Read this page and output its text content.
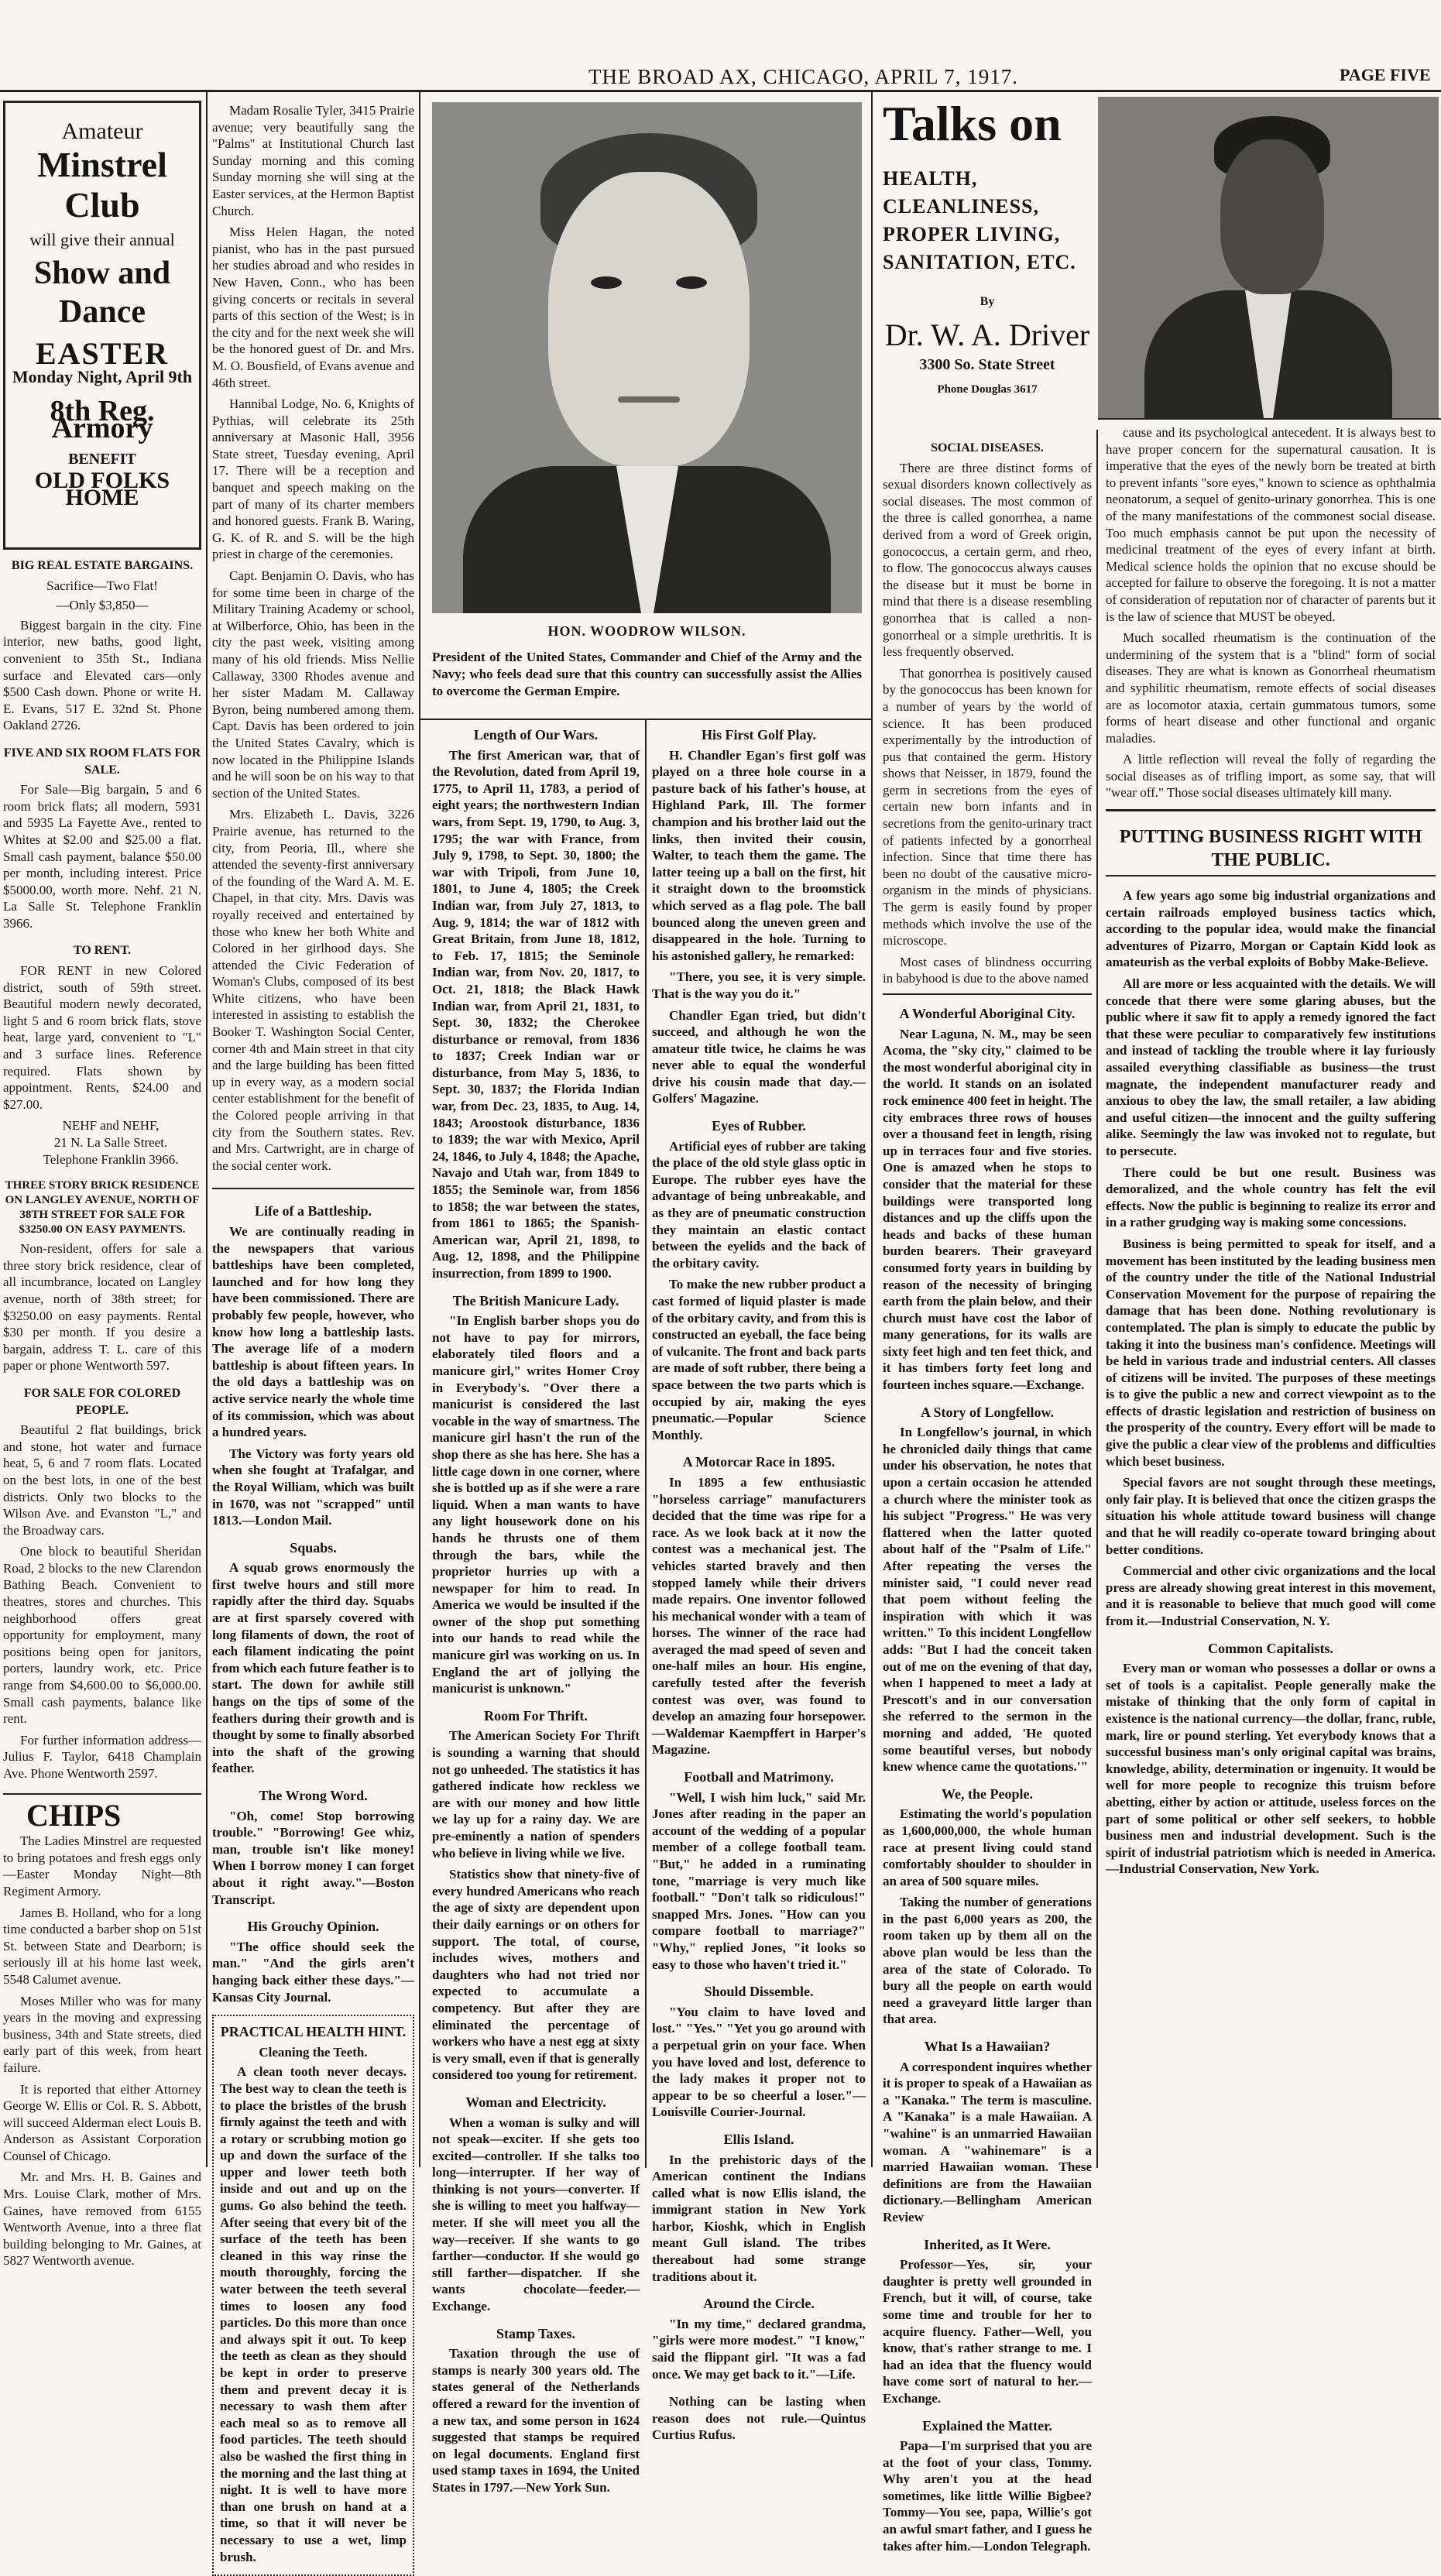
THE BROAD AX, CHICAGO, APRIL 7, 1917.	PAGE FIVE
Amateur
Minstrel Club
will give their annual
Show and Dance
EASTER
Monday Night, April 9th
8th Reg. Armory
BENEFIT
OLD FOLKS HOME
BIG REAL ESTATE BARGAINS.
Sacrifice—Two Flat!
—Only $3,850—

Biggest bargain in the city. Fine interior, new baths, good light, convenient to 35th St., Indiana surface and Elevated cars—only $500 Cash down. Phone or write H. E. Evans, 517 E. 32nd St. Phone Oakland 2726.

FIVE AND SIX ROOM FLATS FOR SALE.

For Sale—Big bargain, 5 and 6 room brick flats; all modern, 5931 and 5935 La Fayette Ave., rented to Whites at $2.00 and $25.00 a flat. Small cash payment, balance $50.00 per month, including interest. Price $5000.00, worth more. Nehf. 21 N. La Salle St. Telephone Franklin 3966.

TO RENT.

FOR RENT in new Colored district, south of 59th street. Beautiful modern newly decorated, light 5 and 6 room brick flats, stove heat, large yard, convenient to "L" and 3 surface lines. Reference required. Flats shown by appointment. Rents, $24.00 and $27.00.

NEHF and NEHF,

21 N. La Salle Street.

Telephone Franklin 3966.

THREE STORY BRICK RESIDENCE ON LANGLEY AVENUE, NORTH OF 38TH STREET FOR SALE FOR $3250.00 ON EASY PAYMENTS.

Non-resident, offers for sale a three story brick residence, clear of all incumbrance, located on Langley avenue, north of 38th street; for $3250.00 on easy payments. Rental $30 per month. If you desire a bargain, address T. L. care of this paper or phone Wentworth 597.

FOR SALE FOR COLORED PEOPLE.

Beautiful 2 flat buildings, brick and stone, hot water and furnace heat, 5, 6 and 7 room flats. Located on the best lots, in one of the best districts. Only two blocks to the Wilson Ave. and Evanston "L," and the Broadway cars.

One block to beautiful Sheridan Road, 2 blocks to the new Clarendon Bathing Beach. Convenient to theatres, stores and churches. This neighborhood offers great opportunity for employment, many positions being open for janitors, porters, laundry work, etc. Price range from $4,600.00 to $6,000.00. Small cash payments, balance like rent.

For further information address—Julius F. Taylor, 6418 Champlain Ave. Phone Wentworth 2597.

CHIPS

The Ladies Minstrel are requested to bring potatoes and fresh eggs only—Easter Monday Night—8th Regiment Armory.

James B. Holland, who for a long time conducted a barber shop on 51st St. between State and Dearborn; is seriously ill at his home last week, 5548 Calumet avenue.

Moses Miller who was for many years in the moving and expressing business, 34th and State streets, died early part of this week, from heart failure.

It is reported that either Attorney George W. Ellis or Col. R. S. Abbott, will succeed Alderman elect Louis B. Anderson as Assistant Corporation Counsel of Chicago.

Mr. and Mrs. H. B. Gaines and Mrs. Louise Clark, mother of Mrs. Gaines, have removed from 6155 Wentworth Avenue, into a three flat building belonging to Mr. Gaines, at 5827 Wentworth avenue.

Madam Rosalie Tyler, 3415 Prairie avenue; very beautifully sang the "Palms" at Institutional Church last Sunday morning and this coming Sunday morning she will sing at the Easter services, at the Hermon Baptist Church.

Miss Helen Hagan, the noted pianist, who has in the past pursued her studies abroad and who resides in New Haven, Conn., who has been giving concerts or recitals in several parts of this section of the West; is in the city and for the next week she will be the honored guest of Dr. and Mrs. M. O. Bousfield, of Evans avenue and 46th street.

Hannibal Lodge, No. 6, Knights of Pythias, will celebrate its 25th anniversary at Masonic Hall, 3956 State street, Tuesday evening, April 17. There will be a reception and banquet and speech making on the part of many of its charter members and honored guests. Frank B. Waring, G. K. of R. and S. will be the high priest in charge of the ceremonies.

Capt. Benjamin O. Davis, who has for some time been in charge of the Military Training Academy or school, at Wilberforce, Ohio, has been in the city the past week, visiting among many of his old friends. Miss Nellie Callaway, 3300 Rhodes avenue and her sister Madam M. Callaway Byron, being numbered among them. Capt. Davis has been ordered to join the United States Cavalry, which is now located in the Philippine Islands and he will soon be on his way to that section of the United States.

Mrs. Elizabeth L. Davis, 3226 Prairie avenue, has returned to the city, from Peoria, Ill., where she attended the seventy-first anniversary of the founding of the Ward A. M. E. Chapel, in that city. Mrs. Davis was royally received and entertained by those who knew her both White and Colored in her girlhood days. She attended the Civic Federation of Woman's Clubs, composed of its best White citizens, who have been interested in assisting to establish the Booker T. Washington Social Center, corner 4th and Main street in that city and the large building has been fitted up in every way, as a modern social center establishment for the benefit of the Colored people arriving in that city from the Southern states. Rev. and Mrs. Cartwright, are in charge of the social center work.

Life of a Battleship.

We are continually reading in the newspapers that various battleships have been completed, launched and for how long they have been commissioned. There are probably few people, however, who know how long a battleship lasts. The average life of a modern battleship is about fifteen years. In the old days a battleship was on active service nearly the whole time of its commission, which was about a hundred years.

The Victory was forty years old when she fought at Trafalgar, and the Royal William, which was built in 1670, was not "scrapped" until 1813.—London Mail.

Squabs.

A squab grows enormously the first twelve hours and still more rapidly after the third day. Squabs are at first sparsely covered with long filaments of down, the root of each filament indicating the point from which each future feather is to start. The down for awhile still hangs on the tips of some of the feathers during their growth and is thought by some to finally absorbed into the shaft of the growing feather.

The Wrong Word.

"Oh, come! Stop borrowing trouble." "Borrowing! Gee whiz, man, trouble isn't like money! When I borrow money I can forget about it right away."—Boston Transcript.

His Grouchy Opinion.

"The office should seek the man." "And the girls aren't hanging back either these days."—Kansas City Journal.

PRACTICAL HEALTH HINT.
Cleaning the Teeth.

A clean tooth never decays. The best way to clean the teeth is to place the bristles of the brush firmly against the teeth and with a rotary or scrubbing motion go up and down the surface of the upper and lower teeth both inside and out and up on the gums. Go also behind the teeth. After seeing that every bit of the surface of the teeth has been cleaned in this way rinse the mouth thoroughly, forcing the water between the teeth several times to loosen any food particles. Do this more than once and always spit it out. To keep the teeth as clean as they should be kept in order to preserve them and prevent decay it is necessary to wash them after each meal so as to remove all food particles. The teeth should also be washed the first thing in the morning and the last thing at night. It is well to have more than one brush on hand at a time, so that it will never be necessary to use a wet, limp brush.

HON. WOODROW WILSON.
President of the United States, Commander and Chief of the Army and the Navy; who feels dead sure that this country can successfully assist the Allies to overcome the German Empire.
Length of Our Wars.

The first American war, that of the Revolution, dated from April 19, 1775, to April 11, 1783, a period of eight years; the northwestern Indian wars, from Sept. 19, 1790, to Aug. 3, 1795; the war with France, from July 9, 1798, to Sept. 30, 1800; the war with Tripoli, from June 10, 1801, to June 4, 1805; the Creek Indian war, from July 27, 1813, to Aug. 9, 1814; the war of 1812 with Great Britain, from June 18, 1812, to Feb. 17, 1815; the Seminole Indian war, from Nov. 20, 1817, to Oct. 21, 1818; the Black Hawk Indian war, from April 21, 1831, to Sept. 30, 1832; the Cherokee disturbance or removal, from 1836 to 1837; Creek Indian war or disturbance, from May 5, 1836, to Sept. 30, 1837; the Florida Indian war, from Dec. 23, 1835, to Aug. 14, 1843; Aroostook disturbance, 1836 to 1839; the war with Mexico, April 24, 1846, to July 4, 1848; the Apache, Navajo and Utah war, from 1849 to 1855; the Seminole war, from 1856 to 1858; the war between the states, from 1861 to 1865; the Spanish-American war, April 21, 1898, to Aug. 12, 1898, and the Philippine insurrection, from 1899 to 1900.

The British Manicure Lady.

"In English barber shops you do not have to pay for mirrors, elaborately tiled floors and a manicure girl," writes Homer Croy in Everybody's. "Over there a manicurist is considered the last vocable in the way of smartness. The manicure girl hasn't the run of the shop there as she has here. She has a little cage down in one corner, where she is bottled up as if she were a rare liquid. When a man wants to have any light housework done on his hands he thrusts one of them through the bars, while the proprietor hurries up with a newspaper for him to read. In America we would be insulted if the owner of the shop put something into our hands to read while the manicure girl was working on us. In England the art of jollying the manicurist is unknown."

Room For Thrift.

The American Society For Thrift is sounding a warning that should not go unheeded. The statistics it has gathered indicate how reckless we are with our money and how little we lay up for a rainy day. We are pre-eminently a nation of spenders who believe in living while we live.

Statistics show that ninety-five of every hundred Americans who reach the age of sixty are dependent upon their daily earnings or on others for support. The total, of course, includes wives, mothers and daughters who had not tried nor expected to accumulate a competency. But after they are eliminated the percentage of workers who have a nest egg at sixty is very small, even if that is generally considered too young for retirement.

Woman and Electricity.

When a woman is sulky and will not speak—exciter. If she gets too excited—controller. If she talks too long—interrupter. If her way of thinking is not yours—converter. If she is willing to meet you halfway—meter. If she will meet you all the way—receiver. If she wants to go farther—conductor. If she would go still farther—dispatcher. If she wants chocolate—feeder.—Exchange.

Stamp Taxes.

Taxation through the use of stamps is nearly 300 years old. The states general of the Netherlands offered a reward for the invention of a new tax, and some person in 1624 suggested that stamps be required on legal documents. England first used stamp taxes in 1694, the United States in 1797.—New York Sun.

His First Golf Play.

H. Chandler Egan's first golf was played on a three hole course in a pasture back of his father's house, at Highland Park, Ill. The former champion and his brother laid out the links, then invited their cousin, Walter, to teach them the game. The latter teeing up a ball on the first, hit it straight down to the broomstick which served as a flag pole. The ball bounced along the uneven green and disappeared in the hole. Turning to his astonished gallery, he remarked:

"There, you see, it is very simple. That is the way you do it."

Chandler Egan tried, but didn't succeed, and although he won the amateur title twice, he claims he was never able to equal the wonderful drive his cousin made that day.—Golfers' Magazine.

Eyes of Rubber.

Artificial eyes of rubber are taking the place of the old style glass optic in Europe. The rubber eyes have the advantage of being unbreakable, and as they are of pneumatic construction they maintain an elastic contact between the eyelids and the back of the orbitary cavity.

To make the new rubber product a cast formed of liquid plaster is made of the orbitary cavity, and from this is constructed an eyeball, the face being of vulcanite. The front and back parts are made of soft rubber, there being a space between the two parts which is occupied by air, making the eyes pneumatic.—Popular Science Monthly.

A Motorcar Race in 1895.

In 1895 a few enthusiastic "horseless carriage" manufacturers decided that the time was ripe for a race. As we look back at it now the contest was a mechanical jest. The vehicles started bravely and then stopped lamely while their drivers made repairs. One inventor followed his mechanical wonder with a team of horses. The winner of the race had averaged the mad speed of seven and one-half miles an hour. His engine, carefully tested after the feverish contest was over, was found to develop an amazing four horsepower.—Waldemar Kaempffert in Harper's Magazine.

Football and Matrimony.

"Well, I wish him luck," said Mr. Jones after reading in the paper an account of the wedding of a popular member of a college football team. "But," he added in a ruminating tone, "marriage is very much like football." "Don't talk so ridiculous!" snapped Mrs. Jones. "How can you compare football to marriage?" "Why," replied Jones, "it looks so easy to those who haven't tried it."

Should Dissemble.

"You claim to have loved and lost." "Yes." "Yet you go around with a perpetual grin on your face. When you have loved and lost, deference to the lady makes it proper not to appear to be so cheerful a loser."—Louisville Courier-Journal.

Ellis Island.

In the prehistoric days of the American continent the Indians called what is now Ellis island, the immigrant station in New York harbor, Kioshk, which in English meant Gull island. The tribes thereabout had some strange traditions about it.

Around the Circle.

"In my time," declared grandma, "girls were more modest." "I know," said the flippant girl. "It was a fad once. We may get back to it."—Life.

Nothing can be lasting when reason does not rule.—Quintus Curtius Rufus.

Talks on
HEALTH,
CLEANLINESS,
PROPER LIVING,
SANITATION, ETC.
By
Dr. W. A. Driver
3300 So. State Street
Phone Douglas 3617
SOCIAL DISEASES.

There are three distinct forms of sexual disorders known collectively as social diseases. The most common of the three is called gonorrhea, a name derived from a word of Greek origin, gonococcus, a certain germ, and rheo, to flow. The gonococcus always causes the disease but it must be borne in mind that there is a disease resembling gonorrhea that is called a non-gonorrheal or a simple urethritis. It is less frequently observed.

That gonorrhea is positively caused by the gonococcus has been known for a number of years by the world of science. It has been produced experimentally by the introduction of pus that contained the germ. History shows that Neisser, in 1879, found the germ in secretions from the eyes of certain new born infants and in secretions from the genito-urinary tract of patients infected by a gonorrheal infection. Since that time there has been no doubt of the causative micro-organism in the minds of physicians. The germ is easily found by proper methods which involve the use of the microscope.

Most cases of blindness occurring in babyhood is due to the above named

A Wonderful Aboriginal City.

Near Laguna, N. M., may be seen Acoma, the "sky city," claimed to be the most wonderful aboriginal city in the world. It stands on an isolated rock eminence 400 feet in height. The city embraces three rows of houses over a thousand feet in length, rising up in terraces four and five stories. One is amazed when he stops to consider that the material for these buildings were transported long distances and up the cliffs upon the heads and backs of these human burden bearers. Their graveyard consumed forty years in building by reason of the necessity of bringing earth from the plain below, and their church must have cost the labor of many generations, for its walls are sixty feet high and ten feet thick, and it has timbers forty feet long and fourteen inches square.—Exchange.

A Story of Longfellow.

In Longfellow's journal, in which he chronicled daily things that came under his observation, he notes that upon a certain occasion he attended a church where the minister took as his subject "Progress." He was very flattered when the latter quoted about half of the "Psalm of Life." After repeating the verses the minister said, "I could never read that poem without feeling the inspiration with which it was written." To this incident Longfellow adds: "But I had the conceit taken out of me on the evening of that day, when I happened to meet a lady at Prescott's and in our conversation she referred to the sermon in the morning and added, 'He quoted some beautiful verses, but nobody knew whence came the quotations.'"

We, the People.

Estimating the world's population as 1,600,000,000, the whole human race at present living could stand comfortably shoulder to shoulder in an area of 500 square miles.

Taking the number of generations in the past 6,000 years as 200, the room taken up by them all on the above plan would be less than the area of the state of Colorado. To bury all the people on earth would need a graveyard little larger than that area.

What Is a Hawaiian?

A correspondent inquires whether it is proper to speak of a Hawaiian as a "Kanaka." The term is masculine. A "Kanaka" is a male Hawaiian. A "wahine" is an unmarried Hawaiian woman. A "wahinemare" is a married Hawaiian woman. These definitions are from the Hawaiian dictionary.—Bellingham American Review

Inherited, as It Were.

Professor—Yes, sir, your daughter is pretty well grounded in French, but it will, of course, take some time and trouble for her to acquire fluency. Father—Well, you know, that's rather strange to me. I had an idea that the fluency would have come sort of natural to her.—Exchange.

Explained the Matter.

Papa—I'm surprised that you are at the foot of your class, Tommy. Why aren't you at the head sometimes, like little Willie Bigbee? Tommy—You see, papa, Willie's got an awful smart father, and I guess he takes after him.—London Telegraph.

cause and its psychological antecedent. It is always best to have proper concern for the supernatural causation. It is imperative that the eyes of the newly born be treated at birth to prevent infants "sore eyes," known to science as ophthalmia neonatorum, a sequel of genito-urinary gonorrhea. This is one of the many manifestations of the commonest social disease. Too much emphasis cannot be put upon the necessity of medicinal treatment of the eyes of every infant at birth. Medical science holds the opinion that no excuse should be accepted for failure to observe the foregoing. It is not a matter of consideration of reputation nor of character of parents but it is the law of science that MUST be obeyed.

Much socalled rheumatism is the continuation of the undermining of the system that is a "blind" form of social diseases. They are what is known as Gonorrheal rheumatism and syphilitic rheumatism, remote effects of social diseases are as locomotor ataxia, certain gummatous tumors, some forms of heart disease and other functional and organic maladies.

A little reflection will reveal the folly of regarding the social diseases as of trifling import, as some say, that will "wear off." Those social diseases ultimately kill many.

PUTTING BUSINESS RIGHT WITH THE PUBLIC.

A few years ago some big industrial organizations and certain railroads employed business tactics which, according to the popular idea, would make the financial adventures of Pizarro, Morgan or Captain Kidd look as amateurish as the verbal exploits of Bobby Make-Believe.

All are more or less acquainted with the details. We will concede that there were some glaring abuses, but the public where it saw fit to apply a remedy ignored the fact that these were peculiar to comparatively few institutions and instead of tackling the trouble where it lay furiously assailed everything classifiable as business—the trust magnate, the independent manufacturer ready and anxious to obey the law, the small retailer, a law abiding and useful citizen—the innocent and the guilty suffering alike. Seemingly the law was invoked not to regulate, but to persecute.

There could be but one result. Business was demoralized, and the whole country has felt the evil effects. Now the public is beginning to realize its error and in a rather grudging way is making some concessions.

Business is being permitted to speak for itself, and a movement has been instituted by the leading business men of the country under the title of the National Industrial Conservation Movement for the purpose of repairing the damage that has been done. Nothing revolutionary is contemplated. The plan is simply to educate the public by taking it into the business man's confidence. Meetings will be held in various trade and industrial centers. All classes of citizens will be invited. The purposes of these meetings is to give the public a new and correct viewpoint as to the effects of drastic legislation and restriction of business on the prosperity of the country. Every effort will be made to give the public a clear view of the problems and difficulties which beset business.

Special favors are not sought through these meetings, only fair play. It is believed that once the citizen grasps the situation his whole attitude toward business will change and that he will readily co-operate toward bringing about better conditions.

Commercial and other civic organizations and the local press are already showing great interest in this movement, and it is reasonable to believe that much good will come from it.—Industrial Conservation, N. Y.

Common Capitalists.

Every man or woman who possesses a dollar or owns a set of tools is a capitalist. People generally make the mistake of thinking that the only form of capital in existence is the national currency—the dollar, franc, ruble, mark, lire or pound sterling. Yet everybody knows that a successful business man's only original capital was brains, knowledge, ability, determination or ingenuity. It would be well for more people to recognize this truism before abetting, either by action or attitude, useless forces on the part of some political or other self seekers, to hobble business men and industrial development. Such is the spirit of industrial patriotism which is needed in America.—Industrial Conservation, New York.
